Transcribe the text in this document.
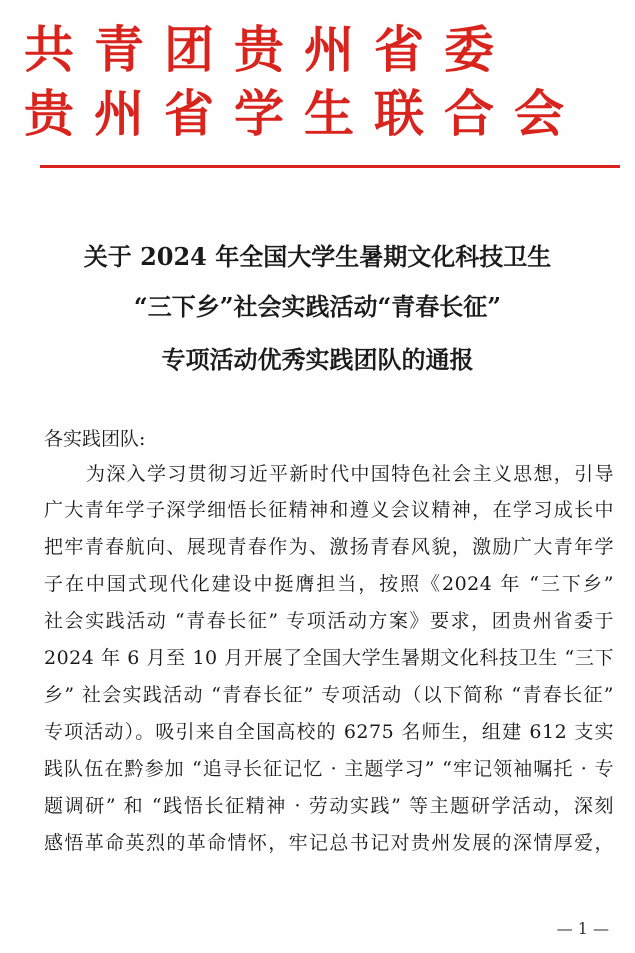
共青团贵州省委
贵州省学生联合会
关于 2024 年全国大学生暑期文化科技卫生
“三下乡”社会实践活动“青春长征”
专项活动优秀实践团队的通报
各实践团队:
为深入学习贯彻习近平新时代中国特色社会主义思想，引导
广大青年学子深学细悟长征精神和遵义会议精神，在学习成长中
把牢青春航向、展现青春作为、激扬青春风貌，激励广大青年学
子在中国式现代化建设中挺膺担当，按照《2024 年 “三下乡”
社会实践活动 “青春长征” 专项活动方案》要求，团贵州省委于
2024 年 6 月至 10 月开展了全国大学生暑期文化科技卫生 “三下
乡” 社会实践活动 “青春长征” 专项活动（以下简称 “青春长征”
专项活动）。吸引来自全国高校的 6275 名师生，组建 612 支实
践队伍在黔参加 “追寻长征记忆 · 主题学习” “牢记领袖嘱托 · 专
题调研” 和 “践悟长征精神 · 劳动实践” 等主题研学活动，深刻
感悟革命英烈的革命情怀，牢记总书记对贵州发展的深情厚爱，
— 1 —
